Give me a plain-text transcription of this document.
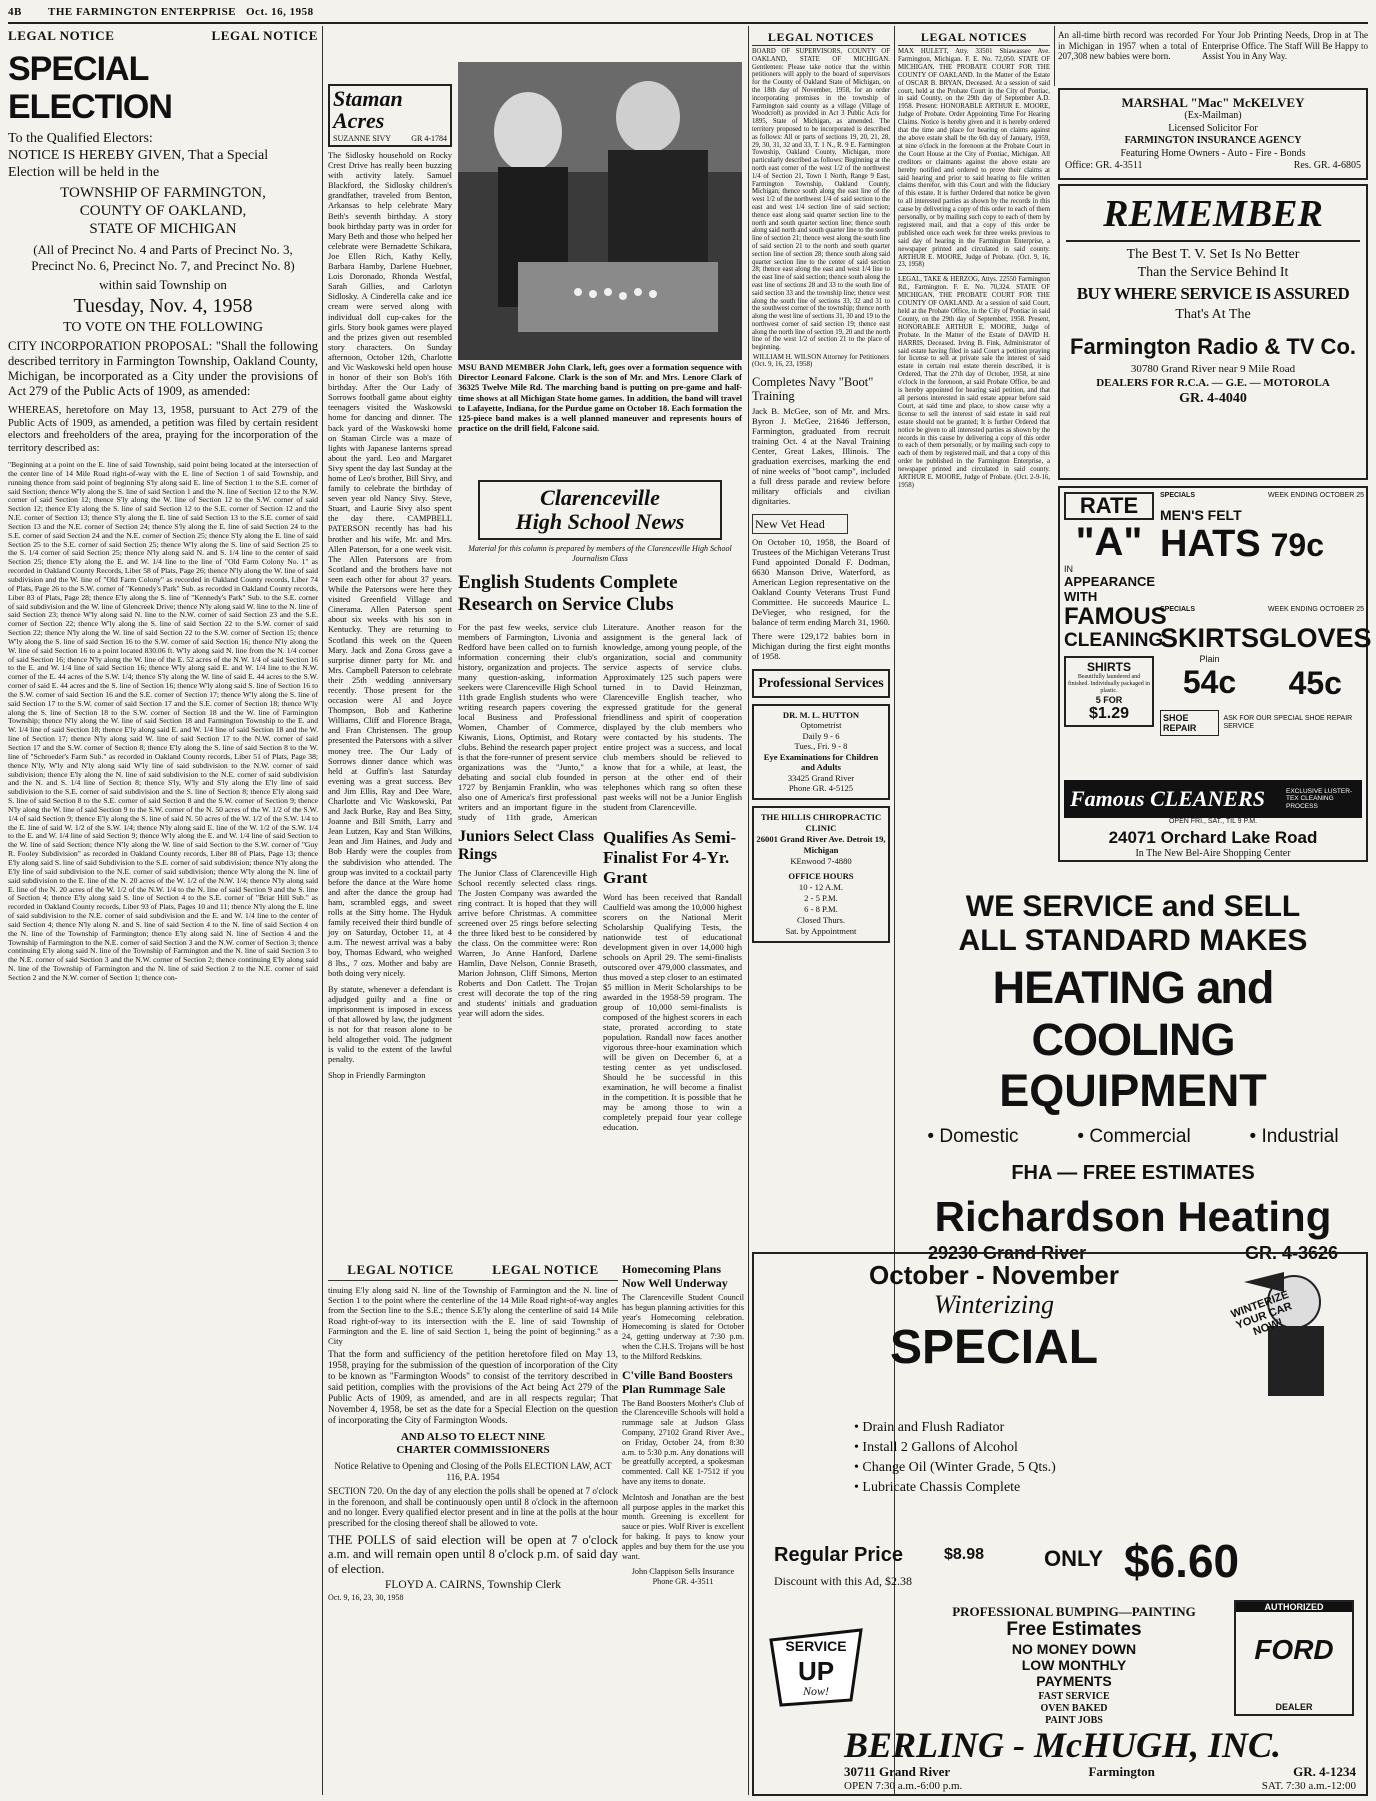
4B THE FARMINGTON ENTERPRISE Oct. 16, 1958
LEGAL NOTICE	LEGAL NOTICE
SPECIAL ELECTION
To the Qualified Electors:
NOTICE IS HEREBY GIVEN, That a Special Election will be held in the
TOWNSHIP OF FARMINGTON,
COUNTY OF OAKLAND,
STATE OF MICHIGAN
(All of Precinct No. 4 and Parts of Precinct No. 3, Precinct No. 6, Precinct No. 7, and Precinct No. 8)
within said Township on
Tuesday, Nov. 4, 1958
TO VOTE ON THE FOLLOWING
CITY INCORPORATION PROPOSAL: "Shall the following described territory in Farmington Township, Oakland County, Michigan, be incorporated as a City under the provisions of Act 279 of the Public Acts of 1909, as amended:
WHEREAS, heretofore on May 13, 1958, pursuant to Act 279 of the Public Acts of 1909, as amended, a petition was filed by certain resident electors and freeholders of the area, praying for the incorporation of the territory described as:
"Beginning at a point on the E. line of said Township, said point being located at the intersection of the center line of 14 Mile Road right-of-way with the E. line of Section 1 of said Township, and running thence from said point of beginning S'ly along said E. line of Section 1 to the S.E. corner of said Section; thence W'ly along the S. line of said Section 1 and the N. line of Section 12 to the N.W. corner of said Section 12; thence S'ly along the W. line of Section 12 to the S.W. corner of said Section 12; thence E'ly along the S. line of said Section 12 to the S.E. corner of Section 12 and the N.E. corner of Section 13; thence S'ly along the E. line of said Section 13 to the S.E. corner of said Section 13 and the N.E. corner of Section 24; thence S'ly along the E. line of said Section 24 to the S.E. corner of said Section 24 and the N.E. corner of Section 25; thence S'ly along the E. line of said Section 25 to the S.E. corner of said Section 25; thence W'ly along the S. line of said Section 25 to the S. 1/4 corner of said Section 25; thence N'ly along said N. and S. 1/4 line to the center of said Section 25; thence E'ly along the E. and W. 1/4 line to the line of "Old Farm Colony No. 1" as recorded in Oakland County Records, Liber 58 of Plats, Page 26; thence N'ly along the W. line of said subdivision and the W. line of "Old Farm Colony" as recorded in Oakland County records, Liber 74 of Plats, Page 26 to the S.W. corner of "Kennedy's Park" Sub. as recorded in Oakland County records, Liber 83 of Plats, Page 28; thence E'ly along the S. line of "Kennedy's Park" Sub. to the S.E. corner of said subdivision and the W. line of Glencreek Drive; thence N'ly along said W. line to the N. line of said Section 23; thence W'ly along said N. line to the N.W. corner of said Section 23 and the S.E. corner of Section 22; thence W'ly along the S. line of said Section 22 to the S.W. corner of said Section 22; thence N'ly along the W. line of said Section 22 to the S.W. corner of Section 15; thence W'ly along the S. line of said Section 16 to the S.W. corner of said Section 16; thence N'ly along the W. line of said Section 16 to a point located 830.06 ft. W'ly along said N. line from the N. 1/4 corner of said Section 16; thence N'ly along the W. line of the E. 52 acres of the N.W. 1/4 of said Section 16 to the E. and W. 1/4 line of said Section 16; thence W'ly along said E. and W. 1/4 line to the N.W. corner of the E. 44 acres of the S.W. 1/4; thence S'ly along the W. line of said E. 44 acres to the S.W. corner of said E. 44 acres and the S. line of Section 16; thence W'ly along said S. line of Section 16 to the S.W. corner of said Section 16 and the S.E. corner of Section 17; thence W'ly along the S. line of said Section 17 to the S.W. corner of said Section 17 and the S.E. corner of Section 18; thence W'ly along the S. line of Section 18 to the S.W. corner of Section 18 and the W. line of Farmington Township; thence N'ly along the W. line of said Section 18 and Farmington Township to the E. and W. 1/4 line of said Section 18; thence E'ly along said E. and W. 1/4 line of said Section 18 and the W. line of Section 17; thence N'ly along said W. line of said Section 17 to the N.W. corner of said Section 17 and the S.W. corner of Section 8; thence E'ly along the S. line of said Section 8 to the W. line of "Schroeder's Farm Sub." as recorded in Oakland County records, Liber 51 of Plats, Page 38; thence N'ly, W'ly and N'ly along said W'ly line of said subdivision to the N.W. corner of said subdivision; thence E'ly along the N. line of said subdivision to the N.E. corner of said subdivision and the N. and S. 1/4 line of Section 8; thence S'ly, W'ly and S'ly along the E'ly line of said subdivision to the S.E. corner of said subdivision and the S. line of Section 8; thence E'ly along said S. line of said Section 8 to the S.E. corner of said Section 8 and the S.W. corner of Section 9; thence N'ly along the W. line of said Section 9 to the S.W. corner of the N. 50 acres of the W. 1/2 of the S.W. 1/4 of said Section 9; thence E'ly along the S. line of said N. 50 acres of the W. 1/2 of the S.W. 1/4 to the E. line of said W. 1/2 of the S.W. 1/4; thence N'ly along said E. line of the W. 1/2 of the S.W. 1/4 to the E. and W. 1/4 line of said Section 9; thence W'ly along the E. and W. 1/4 line of said Section to the W. line of said Section; thence N'ly along the W. line of said Section to the S.W. corner of "Guy R. Fooley Subdivision" as recorded in Oakland County records, Liber 88 of Plats, Page 13; thence E'ly along said S. line of said Subdivision to the S.E. corner of said subdivision; thence N'ly along the E'ly line of said subdivision to the N.E. corner of said subdivision; thence W'ly along the N. line of said subdivision to the E. line of the N. 20 acres of the W. 1/2 of the N.W. 1/4; thence N'ly along said E. line of the N. 20 acres of the W. 1/2 of the N.W. 1/4 to the N. line of said Section 9 and the S. line of Section 4; thence E'ly along said S. line of Section 4 to the S.E. corner of "Briar Hill Sub." as recorded in Oakland County records, Liber 93 of Plats, Pages 10 and 11; thence N'ly along the E. line of said subdivision to the N.E. corner of said subdivision and the E. and W. 1/4 line to the center of said Section 4; thence N'ly along N. and S. line of said Section 4 to the N. line of said Section 4 on the N. line of the Township of Farmington; thence E'ly along said N. line of Section 4 and the Township of Farmington to the N.E. corner of said Section 3 and the N.W. corner of Section 3; thence continuing E'ly along said N. line of the Township of Farmington and the N. line of said Section 3 to the N.E. corner of said Section 3 and the N.W. corner of Section 2; thence continuing E'ly along said N. line of the Township of Farmington and the N. line of said Section 2 to the N.E. corner of said Section 2 and the N.W. corner of Section 1; thence con-
Staman Acres
SUZANNE SIVY	GR 4-1784
The Sidlosky household on Rocky Crest Drive has really been buzzing with activity lately. Samuel Blackford, the Sidlosky children's grandfather, traveled from Benton, Arkansas to help celebrate Mary Beth's seventh birthday. A story book birthday party was in order for Mary Beth and those who helped her celebrate were Bernadette Schikara, Joe Ellen Rich, Kathy Kelly, Barbara Hamby, Darlene Huebner, Lois Doronado, Rhonda Westfal, Sarah Gillies, and Carlotyn Sidlosky. A Cinderella cake and ice cream were served along with individual doll cup-cakes for the girls. Story book games were played and the prizes given out resembled story characters. On Sunday afternoon, October 12th, Charlotte and Vic Waskowski held open house in honor of their son Bob's 16th birthday. After the Our Lady of Sorrows football game about eighty teenagers visited the Waskowski home for dancing and dinner. The back yard of the Waskowski home on Staman Circle was a maze of lights with Japanese lanterns spread about the yard. Leo and Margaret Sivy spent the day last Sunday at the home of Leo's brother, Bill Sivy, and family to celebrate the birthday of seven year old Nancy Sivy. Steve, Stuart, and Laurie Sivy also spent the day there. CAMPBELL PATERSON recently has had his brother and his wife, Mr. and Mrs. Allen Paterson, for a one week visit. The Allen Patersons are from Scotland and the brothers have not seen each other for about 37 years. While the Patersons were here they visited Greenfield Village and Cinerama. Allen Paterson spent about six weeks with his son in Kentucky. They are returning to Scotland this week on the Queen Mary. Jack and Zona Gross gave a surprise dinner party for Mr. and Mrs. Campbell Paterson to celebrate their 25th wedding anniversary recently. Those present for the occasion were Al and Joyce Thompson, Bob and Katherine Williams, Cliff and Florence Braga, and Fran Christensen. The group presented the Patersons with a silver money tree. The Our Lady of Sorrows dinner dance which was held at Guffin's last Saturday evening was a great success. Bev and Jim Ellis, Ray and Dee Ware, Charlotte and Vic Waskowski, Pat and Jack Burke, Ray and Bea Sitty, Joanne and Bill Smith, Larry and Jean Lutzen, Kay and Stan Wilkins, Jean and Jim Haines, and Judy and Bob Hardy were the couples from the subdivision who attended. The group was invited to a cocktail party before the dance at the Ware home and after the dance the group had ham, scrambled eggs, and sweet rolls at the Sitty home. The Hyduk family received their third bundle of joy on Saturday, October 11, at 4 a.m. The newest arrival was a baby boy, Thomas Edward, who weighed 8 lbs., 7 ozs. Mother and baby are both doing very nicely.
By statute, whenever a defendant is adjudged guilty and a fine or imprisonment is imposed in excess of that allowed by law, the judgment is not for that reason alone to be held altogether void. The judgment is valid to the extent of the lawful penalty.
Shop in Friendly Farmington
MSU BAND MEMBER John Clark, left, goes over a formation sequence with Director Leonard Falcone. Clark is the son of Mr. and Mrs. Lenore Clark of 36325 Twelve Mile Rd. The marching band is putting on pre-game and half-time shows at all Michigan State home games. In addition, the band will travel to Lafayette, Indiana, for the Purdue game on October 18. Each formation the 125-piece band makes is a well planned maneuver and represents hours of practice on the drill field, Falcone said.
Clarenceville
High School News
Material for this column is prepared by members of the Clarenceville High School Journalism Class
English Students Complete Research on Service Clubs
For the past few weeks, service club members of Farmington, Livonia and Redford have been called on to furnish information concerning their club's history, organization and projects. The many question-asking, information seekers were Clarenceville High School 11th grade English students who were writing research papers covering the local Business and Professional Women, Chamber of Commerce, Kiwanis, Lions, Optimist, and Rotary clubs. Behind the research paper project is that the fore-runner of present service organizations was the "Junto," a debating and social club founded in 1727 by Benjamin Franklin, who was also one of America's first professional writers and an important figure in the study of 11th grade, American Literature. Another reason for the assignment is the general lack of knowledge, among young people, of the organization, social and community service aspects of service clubs. Approximately 125 such papers were turned in to David Heinzman, Clarenceville English teacher, who expressed gratitude for the general friendliness and spirit of cooperation displayed by the club members who were contacted by his students. The entire project was a success, and local club members should be relieved to know that for a while, at least, the person at the other end of their telephones which rang so often these past weeks will not be a Junior English student from Clarenceville.
Juniors Select Class Rings
The Junior Class of Clarenceville High School recently selected class rings. The Josten Company was awarded the ring contract. It is hoped that they will arrive before Christmas. A committee screened over 25 rings before selecting the three liked best to be considered by the class. On the committee were: Ron Warren, Jo Anne Hanford, Darlene Hamlin, Dave Nelson, Connie Braseth, Marion Johnson, Cliff Simons, Merton Roberts and Don Catlett. The Trojan crest will decorate the top of the ring and students' initials and graduation year will adorn the sides.
Qualifies As Semi-Finalist For 4-Yr. Grant
Word has been received that Randall Caulfield was among the 10,000 highest scorers on the National Merit Scholarship Qualifying Tests, the nationwide test of educational development given in over 14,000 high schools on April 29. The semi-finalists outscored over 479,000 classmates, and thus moved a step closer to an estimated $5 million in Merit Scholarships to be awarded in the 1958-59 program. The group of 10,000 semi-finalists is composed of the highest scorers in each state, prorated according to state population. Randall now faces another vigorous three-hour examination which will be given on December 6, at a testing center as yet undisclosed. Should he be successful in this examination, he will become a finalist in the competition. It is possible that he may be among those to win a completely prepaid four year college education.
LEGAL NOTICE	LEGAL NOTICE
tinuing E'ly along said N. line of the Township of Farmington and the N. line of Section 1 to the point where the centerline of the 14 Mile Road right-of-way angles from the Section line to the S.E.; thence S.E'ly along the centerline of said 14 Mile Road right-of-way to its intersection with the E. line of said Township of Farmington and the E. line of said Section 1, being the point of beginning." as a City
That the form and sufficiency of the petition heretofore filed on May 13, 1958, praying for the submission of the question of incorporation of the City to be known as "Farmington Woods" to consist of the territory described in said petition, complies with the provisions of the Act being Act 279 of the Public Acts of 1909, as amended, and are in all respects regular; That November 4, 1958, be set as the date for a Special Election on the question of incorporating the City of Farmington Woods.
AND ALSO TO ELECT NINE
CHARTER COMMISSIONERS
Notice Relative to Opening and Closing of the Polls ELECTION LAW, ACT 116, P.A. 1954
SECTION 720. On the day of any election the polls shall be opened at 7 o'clock in the forenoon, and shall be continuously open until 8 o'clock in the afternoon and no longer. Every qualified elector present and in line at the polls at the hour prescribed for the closing thereof shall be allowed to vote.
THE POLLS of said election will be open at 7 o'clock a.m. and will remain open until 8 o'clock p.m. of said day of election.
FLOYD A. CAIRNS, Township Clerk
Oct. 9, 16, 23, 30, 1958
Homecoming Plans Now Well Underway
The Clarenceville Student Council has begun planning activities for this year's Homecoming celebration. Homecoming is slated for October 24, getting underway at 7:30 p.m. when the C.H.S. Trojans will be host to the Milford Redskins.
C'ville Band Boosters Plan Rummage Sale
The Band Boosters Mother's Club of the Clarenceville Schools will hold a rummage sale at Judson Glass Company, 27102 Grand River Ave., on Friday, October 24, from 8:30 a.m. to 5:30 p.m. Any donations will be greatfully accepted, a spokesman commented. Call KE 1-7512 if you have any items to donate.
McIntosh and Jonathan are the best all purpose apples in the market this month. Greening is excellent for sauce or pies. Wolf River is excellent for baking. It pays to know your apples and buy them for the use you want.
John Clappison Sells Insurance Phone GR. 4-3511
LEGAL NOTICES
BOARD OF SUPERVISORS, COUNTY OF OAKLAND, STATE OF MICHIGAN. Gentlemen: Please take notice that the within petitioners will apply to the board of supervisors for the County of Oakland State of Michigan, on the 18th day of November, 1958, for an order incorporating premises in the township of Farmington said county as a village (Village of Woodcroft) as provided in Act 3 Public Acts for 1895, State of Michigan, as amended. The territory proposed to be incorporated is described as follows: All or parts of sections 19, 20, 21, 28, 29, 30, 31, 32 and 33, T. 1 N., R. 9 E. Farmington Township, Oakland County, Michigan, more particularly described as follows: Beginning at the north east corner of the west 1/2 of the northwest 1/4 of Section 21, Town 1 North, Range 9 East, Farmington Township, Oakland County, Michigan; thence south along the east line of the west 1/2 of the northwest 1/4 of said section to the east and west 1/4 section line of said section; thence east along said quarter section line to the north and south quarter section line; thence south along said north and south quarter line to the south line of section 21; thence west along the south line of said section 21 to the north and south quarter section line of section 28; thence south along said quarter section line to the center of said section 28; thence east along the east and west 1/4 line to the east line of said section; thence south along the east line of sections 28 and 33 to the south line of said section 33 and the township line; thence west along the south line of sections 33, 32 and 31 to the southwest corner of the township; thence north along the west line of sections 31, 30 and 19 to the northwest corner of said section 19; thence east along the north line of section 19, 20 and the north line of the west 1/2 of section 21 to the place of beginning.
WILLIAM H. WILSON Attorney for Petitioners
(Oct. 9, 16, 23, 1958)
Completes Navy "Boot" Training
Jack B. McGee, son of Mr. and Mrs. Byron J. McGee, 21646 Jefferson, Farmington, graduated from recruit training Oct. 4 at the Naval Training Center, Great Lakes, Illinois. The graduation exercises, marking the end of nine weeks of "boot camp", included a full dress parade and review before military officials and civilian dignitaries.
New Vet Head
On October 10, 1958, the Board of Trustees of the Michigan Veterans Trust Fund appointed Donald F. Dodman, 6630 Manson Drive, Waterford, as American Legion representative on the Oakland County Veterans Trust Fund Committee. He succeeds Maurice L. DeVieger, who resigned, for the balance of term ending March 31, 1960.
There were 129,172 babies born in Michigan during the first eight months of 1958.
Professional Services
DR. M. L. HUTTON
Optometrist
Daily 9 - 6
Tues., Fri. 9 - 8
Eye Examinations for Children and Adults
33425 Grand River
Phone GR. 4-5125
THE HILLIS CHIROPRACTIC CLINIC
26001 Grand River Ave. Detroit 19, Michigan
KEnwood 7-4880
OFFICE HOURS
10 - 12 A.M.
2 - 5 P.M.
6 - 8 P.M.
Closed Thurs.
Sat. by Appointment
LEGAL NOTICES
MAX HULETT, Atty. 33501 Shiawassee Ave. Farmington, Michigan. F. E. No. 72,050. STATE OF MICHIGAN, THE PROBATE COURT FOR THE COUNTY OF OAKLAND. In the Matter of the Estate of OSCAR B. BRYAN, Deceased. At a session of said court, held at the Probate Court in the City of Pontiac, in said County, on the 29th day of September A.D. 1958. Present: HONORABLE ARTHUR E. MOORE, Judge of Probate. Order Appointing Time For Hearing Claims. Notice is hereby given and it is hereby ordered that the time and place for hearing on claims against the above estate shall be the 6th day of January, 1959, at nine o'clock in the forenoon at the Probate Court in the Court House at the City of Pontiac, Michigan. All creditors or claimants against the above estate are hereby notified and ordered to prove their claims at said hearing and prior to said hearing to file written claims therefor, with this Court and with the fiduciary of this estate. It is further Ordered that notice be given to all interested parties as shown by the records in this cause by delivering a copy of this order to each of them personally, or by mailing such copy to each of them by registered mail, and that a copy of this order be published once each week for three weeks previous to said day of hearing in the Farmington Enterprise, a newspaper printed and circulated in said county. ARTHUR E. MOORE, Judge of Probate. (Oct. 9, 16, 23, 1958)
LEGAL, TAKE & HERZOG, Attys. 22550 Farmington Rd., Farmington. F. E. No. 70,324. STATE OF MICHIGAN, THE PROBATE COURT FOR THE COUNTY OF OAKLAND. At a session of said Court, held at the Probate Office, in the City of Pontiac in said County, on the 29th day of September, 1958. Present, HONORABLE ARTHUR E. MOORE, Judge of Probate. In the Matter of the Estate of DAVID H. HARRIS, Deceased. Irving B. Fink, Administrator of said estate having filed in said Court a petition praying for license to sell at private sale the interest of said estate in certain real estate therein described, it is Ordered, That the 27th day of October, 1958, at nine o'clock in the forenoon, at said Probate Office, be and is hereby appointed for hearing said petition, and that all persons interested in said estate appear before said Court, at said time and place, to show cause why a license to sell the interest of said estate in said real estate should not be granted; It is further Ordered that notice be given to all interested parties as shown by the records in this cause by delivering a copy of this order to each of them personally, or by mailing such copy to each of them by registered mail, and that a copy of this order be published in the Farmington Enterprise, a newspaper printed and circulated in said county. ARTHUR E. MOORE, Judge of Probate. (Oct. 2-9-16, 1958)
An all-time birth record was recorded in Michigan in 1957 when a total of 207,308 new babies were born.
For Your Job Printing Needs, Drop in at The Enterprise Office. The Staff Will Be Happy to Assist You in Any Way.
MARSHAL "Mac" McKELVEY
(Ex-Mailman)
Licensed Solicitor For
FARMINGTON INSURANCE AGENCY
Featuring Home Owners - Auto - Fire - Bonds
Office: GR. 4-3511	Res. GR. 4-6805
REMEMBER
The Best T. V. Set Is No Better
Than the Service Behind It
BUY WHERE SERVICE IS ASSURED
That's At The
Farmington Radio & TV Co.
30780 Grand River near 9 Mile Road
DEALERS FOR R.C.A. — G.E. — MOTOROLA
GR. 4-4040
RATE
"A"
IN
APPEARANCE
WITH
FAMOUS
CLEANING
SHIRTS
Beautifully laundered and finished. Individually packaged in plastic.
5 FOR
$1.29
SPECIALS	WEEK ENDING OCTOBER 25
MEN'S FELT
HATS 79c
SPECIALS	WEEK ENDING OCTOBER 25
SKIRTS
Plain
54c
GLOVES
45c
SHOE REPAIR
ASK FOR OUR SPECIAL SHOE REPAIR SERVICE
Famous CLEANERS	EXCLUSIVE LUSTER-TEX CLEANING PROCESS
OPEN FRI., SAT., TIL 9 P.M.
24071 Orchard Lake Road
In The New Bel-Aire Shopping Center
WE SERVICE and SELL
ALL STANDARD MAKES
HEATING and COOLING
EQUIPMENT
• Domestic	• Commercial	• Industrial
FHA — FREE ESTIMATES
Richardson Heating
29230 Grand River	GR. 4-3626
October - November
Winterizing
SPECIAL
WINTERIZE YOUR CAR NOW!
• Drain and Flush Radiator
• Install 2 Gallons of Alcohol
• Change Oil (Winter Grade, 5 Qts.)
• Lubricate Chassis Complete
Regular Price	$8.98	ONLY $6.60
Discount with this Ad, $2.38
SERVICE
UP
Now!
PROFESSIONAL BUMPING—PAINTING
Free Estimates
NO MONEY DOWN
LOW MONTHLY
PAYMENTS
FAST SERVICE
OVEN BAKED
PAINT JOBS
AUTHORIZED
FORD
DEALER
BERLING - McHUGH, INC.
30711 Grand River	Farmington	GR. 4-1234
OPEN 7:30 a.m.-6:00 p.m.	SAT. 7:30 a.m.-12:00
